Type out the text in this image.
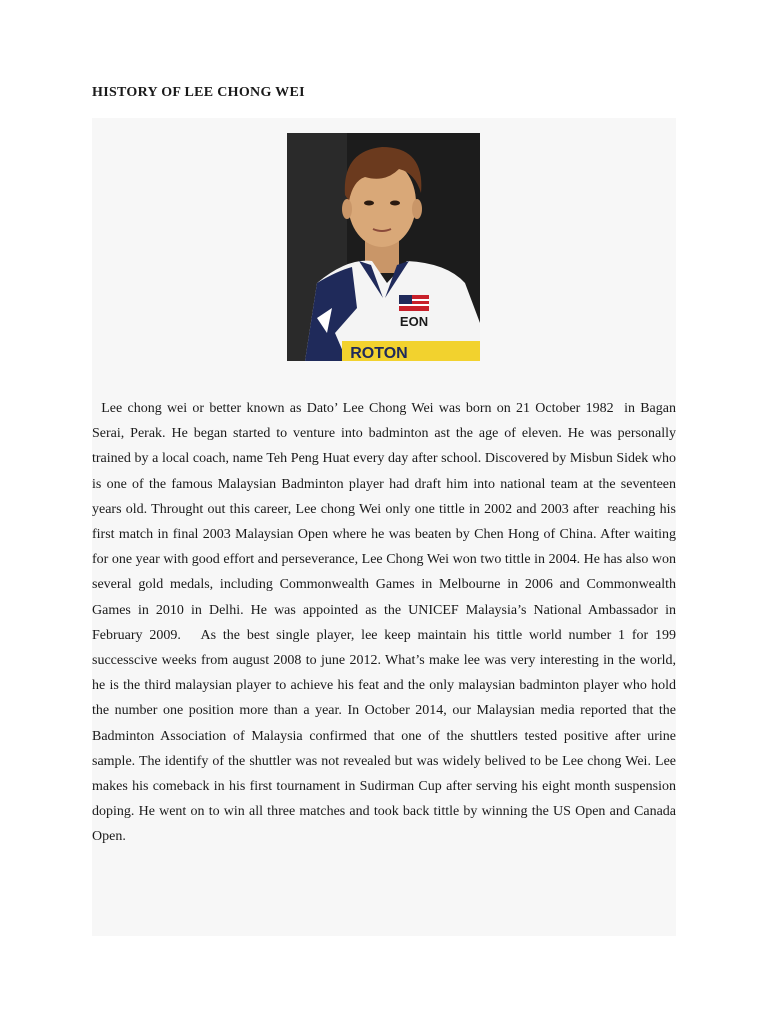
HISTORY OF LEE CHONG WEI
EON
ROTON

Lee chong wei or better known as Dato’ Lee Chong Wei was born on 21 October 1982  in Bagan Serai, Perak. He began started to venture into badminton ast the age of eleven. He was personally trained by a local coach, name Teh Peng Huat every day after school. Discovered by Misbun Sidek who is one of the famous Malaysian Badminton player had draft him into national team at the seventeen years old. Throught out this career, Lee chong Wei only one tittle in 2002 and 2003 after  reaching his first match in final 2003 Malaysian Open where he was beaten by Chen Hong of China. After waiting for one year with good effort and perseverance, Lee Chong Wei won two tittle in 2004. He has also won several gold medals, including Commonwealth Games in Melbourne in 2006 and Commonwealth Games in 2010 in Delhi. He was appointed as the UNICEF Malaysia’s National Ambassador in February 2009.   As the best single player, lee keep maintain his tittle world number 1 for 199 successcive weeks from august 2008 to june 2012. What’s make lee was very interesting in the world, he is the third malaysian player to achieve his feat and the only malaysian badminton player who hold the number one position more than a year. In October 2014, our Malaysian media reported that the Badminton Association of Malaysia confirmed that one of the shuttlers tested positive after urine sample. The identify of the shuttler was not revealed but was widely belived to be Lee chong Wei. Lee makes his comeback in his first tournament in Sudirman Cup after serving his eight month suspension doping. He went on to win all three matches and took back tittle by winning the US Open and Canada Open.
